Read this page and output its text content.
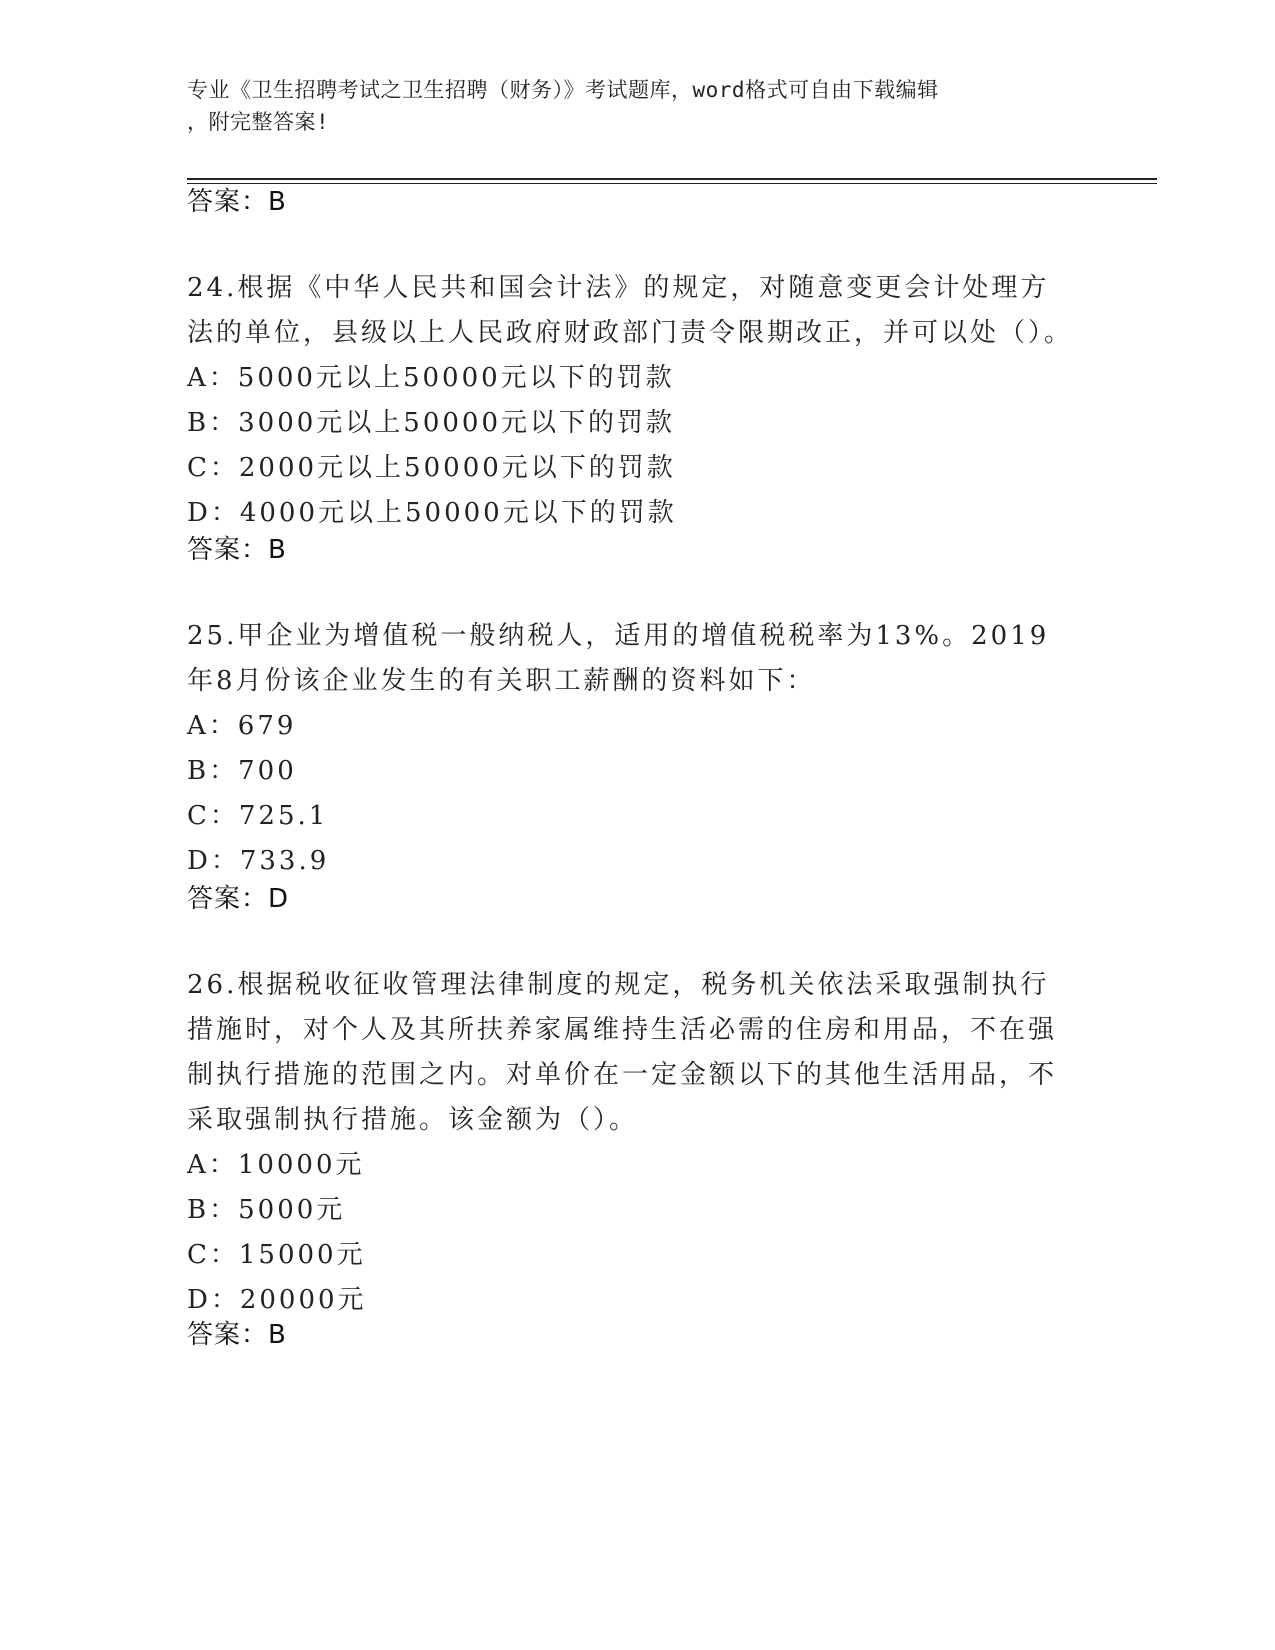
专业《卫生招聘考试之卫生招聘（财务）》考试题库，word格式可自由下载编辑
，附完整答案!
答案：B

24.根据《中华人民共和国会计法》的规定，对随意变更会计处理方法的单位，县级以上人民政府财政部门责令限期改正，并可以处（）。

A：5000元以上50000元以下的罚款

B：3000元以上50000元以下的罚款

C：2000元以上50000元以下的罚款

D：4000元以上50000元以下的罚款

答案：B

25.甲企业为增值税一般纳税人，适用的增值税税率为13%。2019年8月份该企业发生的有关职工薪酬的资料如下：

A：679

B：700

C：725.1

D：733.9

答案：D

26.根据税收征收管理法律制度的规定，税务机关依法采取强制执行措施时，对个人及其所扶养家属维持生活必需的住房和用品，不在强制执行措施的范围之内。对单价在一定金额以下的其他生活用品，不采取强制执行措施。该金额为（）。

A：10000元

B：5000元

C：15000元

D：20000元

答案：B
